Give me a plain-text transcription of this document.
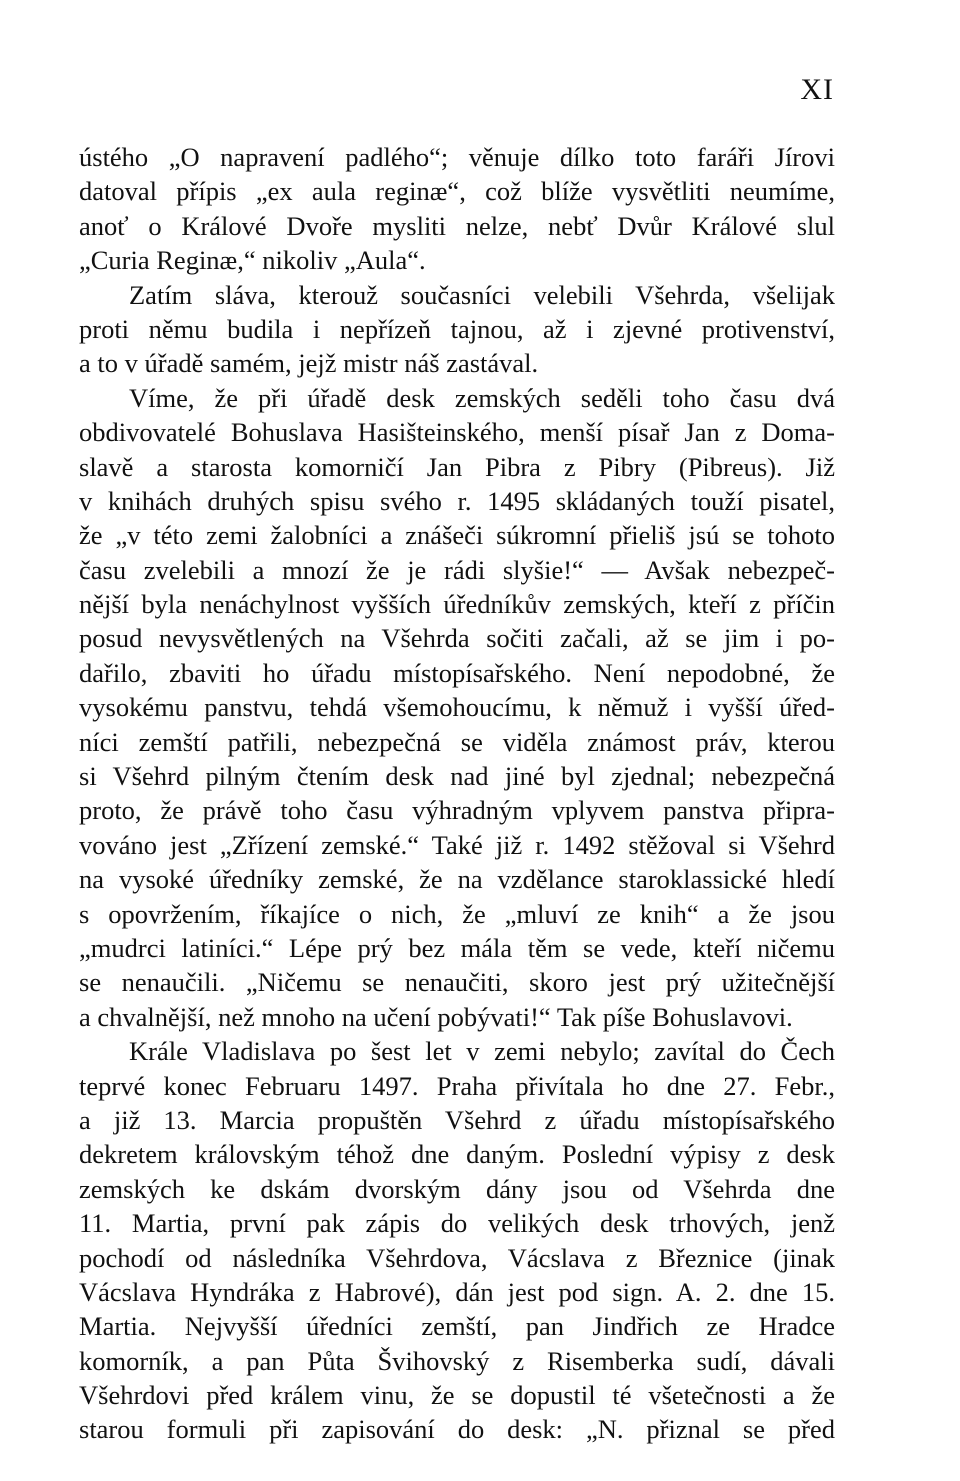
XI
ústého „O napravení padlého“; věnuje dílko toto faráři Jírovi
datoval přípis „ex aula reginæ“, což blíže vysvětliti neumíme,
anoť o Králové Dvoře mysliti nelze, nebť Dvůr Králové slul
„Curia Reginæ,“ nikoliv „Aula“.
Zatím sláva, kterouž současníci velebili Všehrda, všelijak
proti němu budila i nepřízeň tajnou, až i zjevné protivenství,
a to v úřadě samém, jejž mistr náš zastával.
Víme, že při úřadě desk zemských seděli toho času dvá
obdivovatelé Bohuslava Hasišteinského, menší písař Jan z Doma-
slavě a starosta komorničí Jan Pibra z Pibry (Pibreus). Již
v knihách druhých spisu svého r. 1495 skládaných touží pisatel,
že „v této zemi žalobníci a znášeči súkromní přieliš jsú se tohoto
času zvelebili a mnozí že je rádi slyšie!“ — Avšak nebezpeč-
nější byla nenáchylnost vyšších úředníkův zemských, kteří z příčin
posud nevysvětlených na Všehrda sočiti začali, až se jim i po-
dařilo, zbaviti ho úřadu místopísařského. Není nepodobné, že
vysokému panstvu, tehdá všemohoucímu, k němuž i vyšší úřed-
níci zemští patřili, nebezpečná se viděla známost práv, kterou
si Všehrd pilným čtením desk nad jiné byl zjednal; nebezpečná
proto, že právě toho času výhradným vplyvem panstva připra-
vováno jest „Zřízení zemské.“ Také již r. 1492 stěžoval si Všehrd
na vysoké úředníky zemské, že na vzdělance staroklassické hledí
s opovržením, říkajíce o nich, že „mluví ze knih“ a že jsou
„mudrci latiníci.“ Lépe prý bez mála těm se vede, kteří ničemu
se nenaučili. „Ničemu se nenaučiti, skoro jest prý užitečnější
a chvalnější, než mnoho na učení pobývati!“ Tak píše Bohuslavovi.
Krále Vladislava po šest let v zemi nebylo; zavítal do Čech
teprvé konec Februaru 1497. Praha přivítala ho dne 27. Febr.,
a již 13. Marcia propuštěn Všehrd z úřadu místopísařského
dekretem královským téhož dne daným. Poslední výpisy z desk
zemských ke dskám dvorským dány jsou od Všehrda dne
11. Martia, první pak zápis do velikých desk trhových, jenž
pochodí od následníka Všehrdova, Vácslava z Březnice (jinak
Vácslava Hyndráka z Habrové), dán jest pod sign. A. 2. dne 15.
Martia. Nejvyšší úředníci zemští, pan Jindřich ze Hradce
komorník, a pan Půta Švihovský z Risemberka sudí, dávali
Všehrdovi před králem vinu, že se dopustil té všetečnosti a že
starou formuli při zapisování do desk: „N. přiznal se před
